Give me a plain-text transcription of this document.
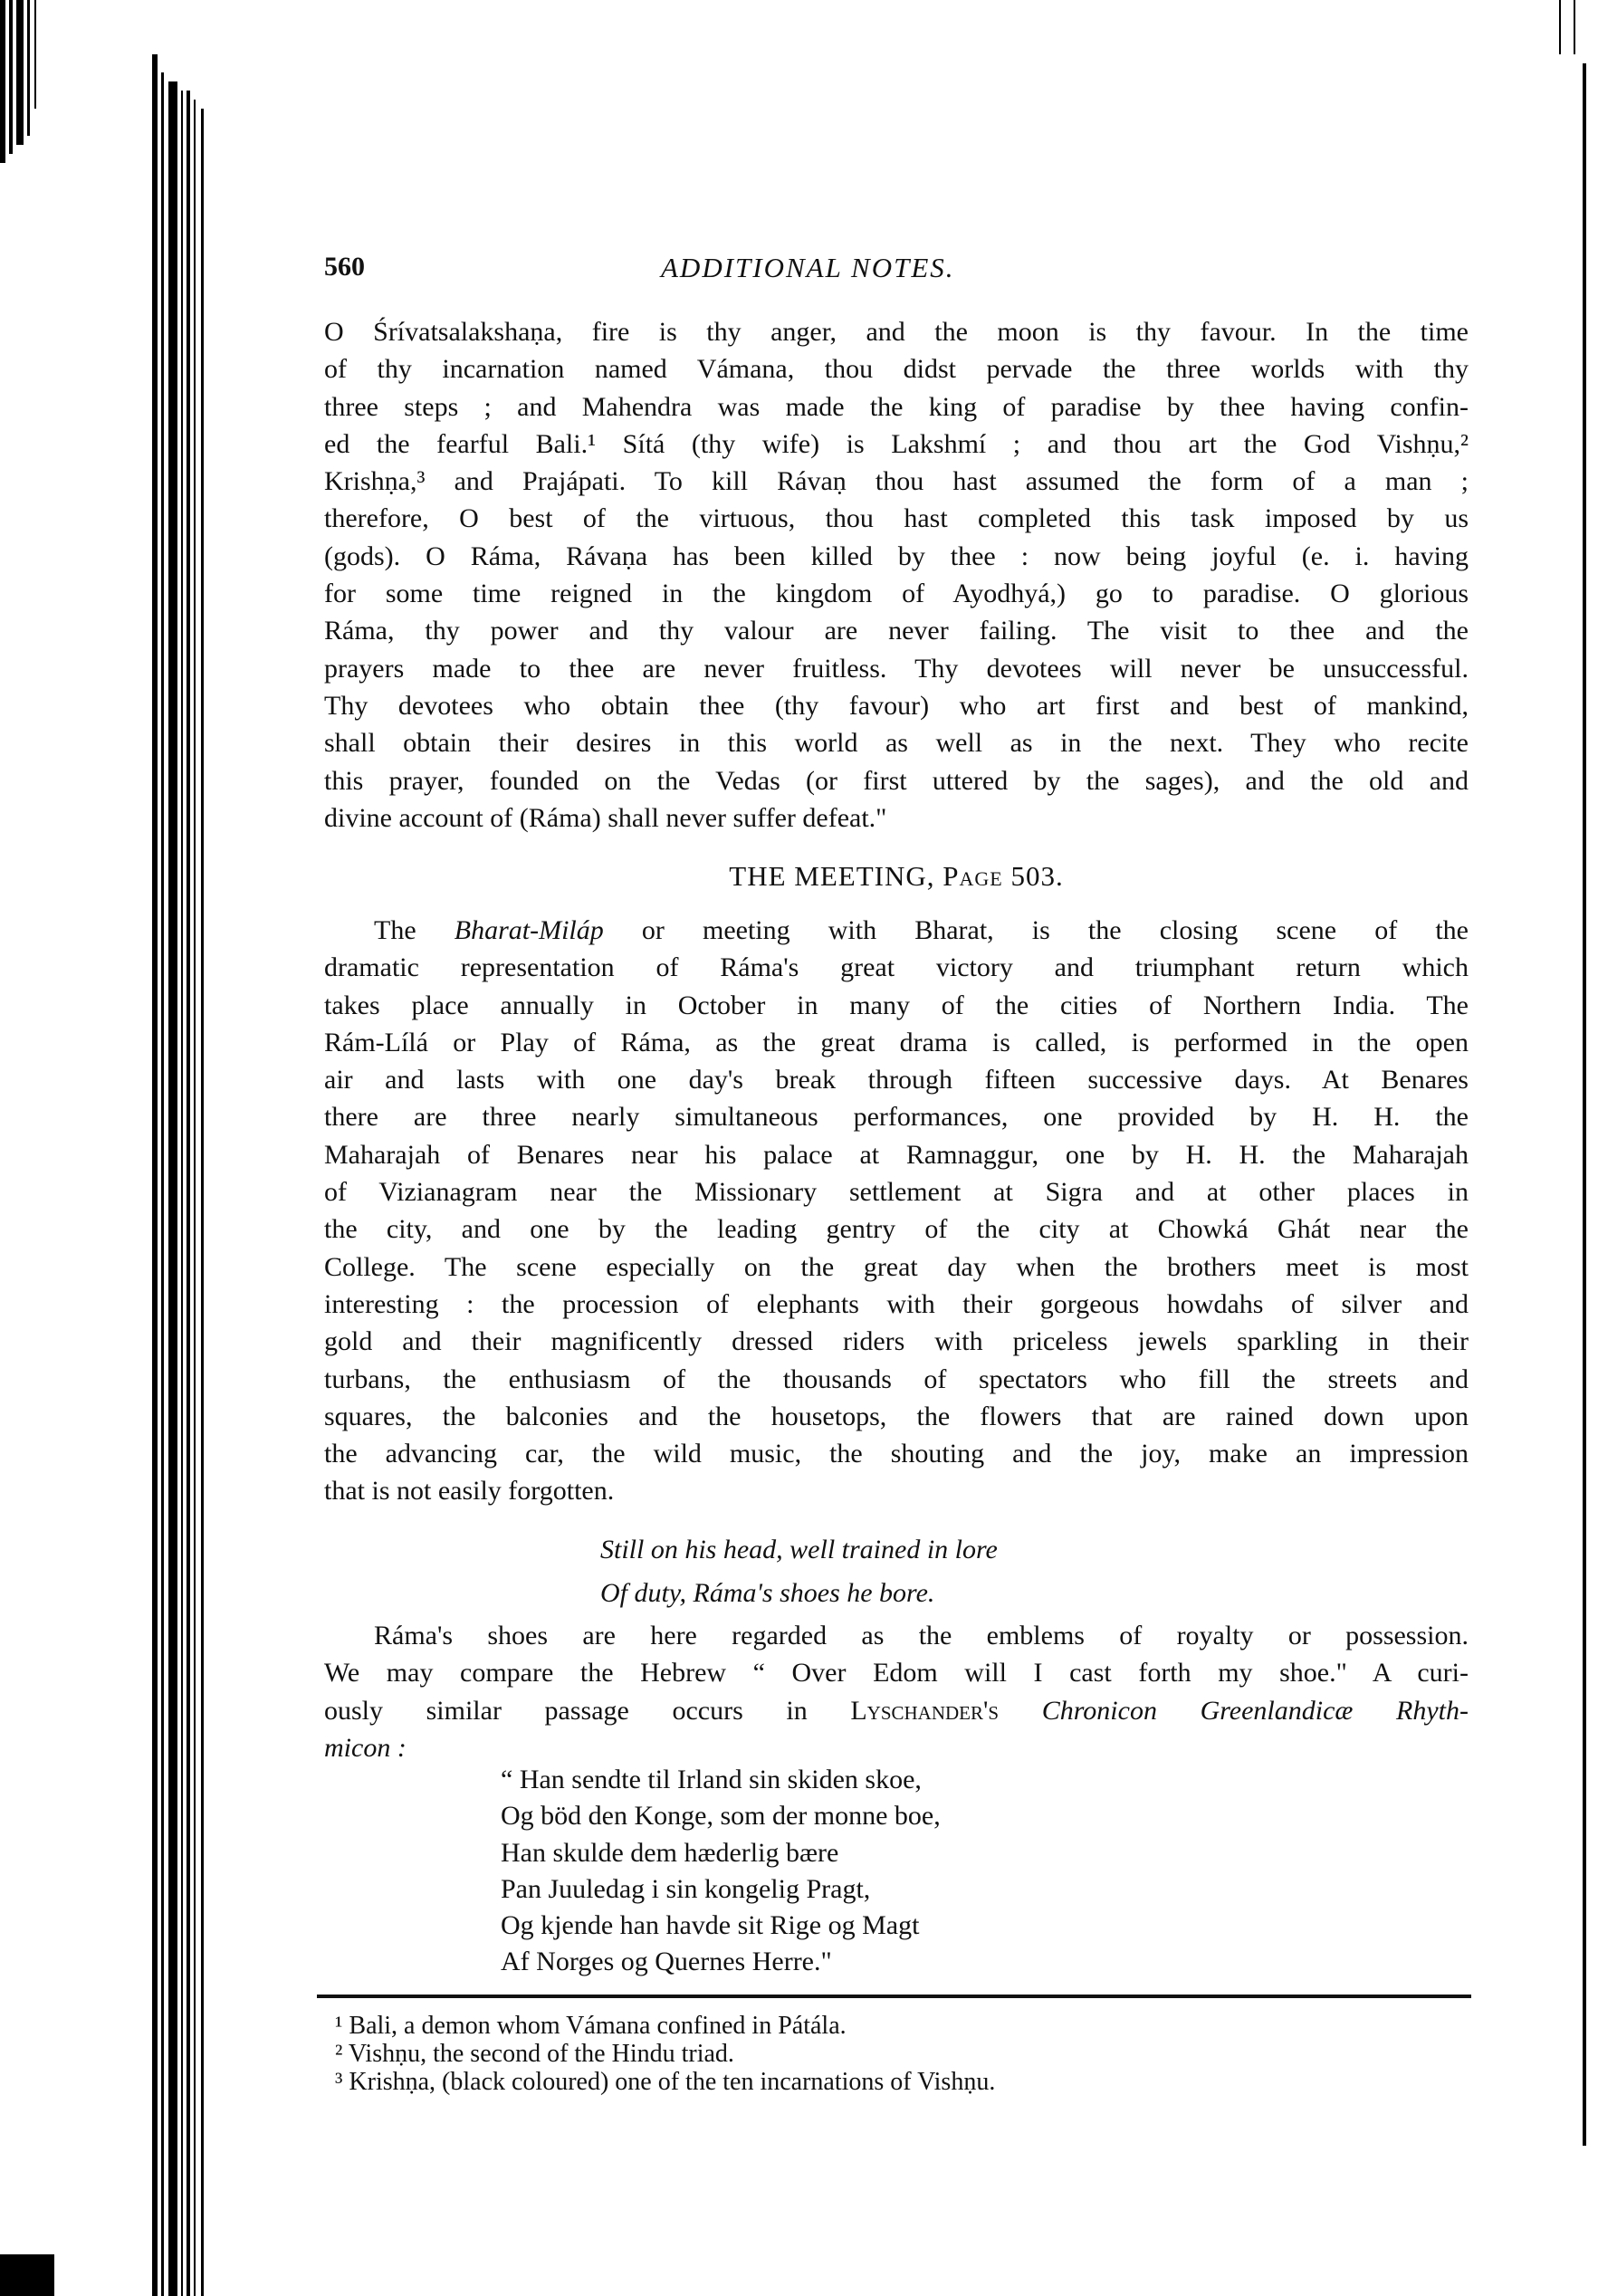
560	ADDITIONAL NOTES.
O Śrívatsalakshaṇa, fire is thy anger, and the moon is thy favour. In the time
of thy incarnation named Vámana, thou didst pervade the three worlds with thy
three steps ; and Mahendra was made the king of paradise by thee having confin-
ed the fearful Bali.¹ Sítá (thy wife) is Lakshmí ; and thou art the God Vishṇu,²
Krishṇa,³ and Prajápati. To kill Rávaṇ thou hast assumed the form of a man ;
therefore, O best of the virtuous, thou hast completed this task imposed by us
(gods). O Ráma, Rávaṇa has been killed by thee : now being joyful (e. i. having
for some time reigned in the kingdom of Ayodhyá,) go to paradise. O glorious
Ráma, thy power and thy valour are never failing. The visit to thee and the
prayers made to thee are never fruitless. Thy devotees will never be unsuccessful.
Thy devotees who obtain thee (thy favour) who art first and best of mankind,
shall obtain their desires in this world as well as in the next. They who recite
this prayer, founded on the Vedas (or first uttered by the sages), and the old and
divine account of (Ráma) shall never suffer defeat."
THE MEETING, Page 503.
The Bharat-Miláp or meeting with Bharat, is the closing scene of the
dramatic representation of Ráma's great victory and triumphant return which
takes place annually in October in many of the cities of Northern India. The
Rám-Lílá or Play of Ráma, as the great drama is called, is performed in the open
air and lasts with one day's break through fifteen successive days. At Benares
there are three nearly simultaneous performances, one provided by H. H. the
Maharajah of Benares near his palace at Ramnaggur, one by H. H. the Maharajah
of Vizianagram near the Missionary settlement at Sigra and at other places in
the city, and one by the leading gentry of the city at Chowká Ghát near the
College. The scene especially on the great day when the brothers meet is most
interesting : the procession of elephants with their gorgeous howdahs of silver and
gold and their magnificently dressed riders with priceless jewels sparkling in their
turbans, the enthusiasm of the thousands of spectators who fill the streets and
squares, the balconies and the housetops, the flowers that are rained down upon
the advancing car, the wild music, the shouting and the joy, make an impression
that is not easily forgotten.
Still on his head, well trained in lore
Of duty, Ráma's shoes he bore.
Ráma's shoes are here regarded as the emblems of royalty or possession.
We may compare the Hebrew “ Over Edom will I cast forth my shoe." A curi-
ously similar passage occurs in Lyschander's Chronicon Greenlandicæ Rhyth-
micon :
“ Han sendte til Irland sin skiden skoe,
Og böd den Konge, som der monne boe,
Han skulde dem hæderlig bære
Pan Juuledag i sin kongelig Pragt,
Og kjende han havde sit Rige og Magt
Af Norges og Quernes Herre."
¹ Bali, a demon whom Vámana confined in Pátála.
² Vishṇu, the second of the Hindu triad.
³ Krishṇa, (black coloured) one of the ten incarnations of Vishṇu.
